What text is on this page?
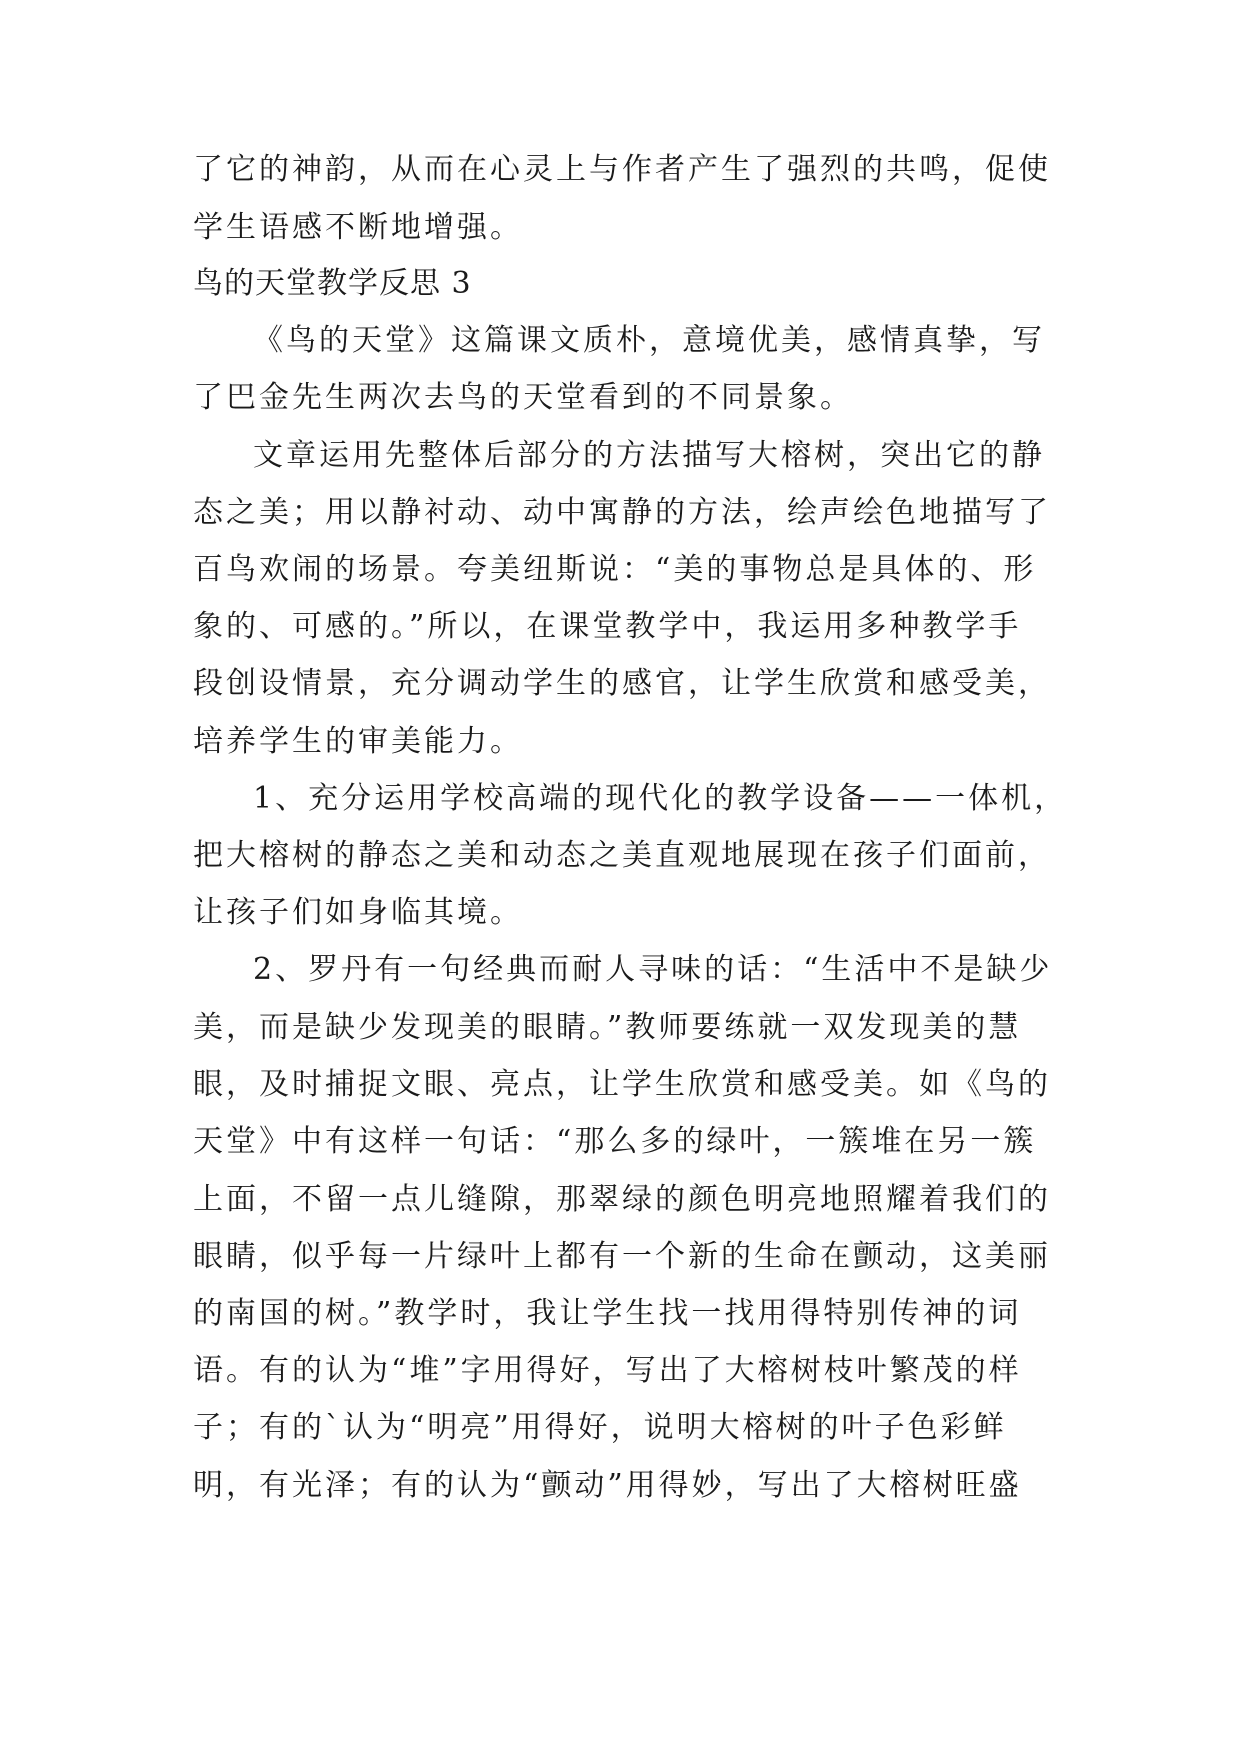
了它的神韵，从而在心灵上与作者产生了强烈的共鸣，促使
学生语感不断地增强。
鸟的天堂教学反思 3
《鸟的天堂》这篇课文质朴，意境优美，感情真挚，写
了巴金先生两次去鸟的天堂看到的不同景象。
文章运用先整体后部分的方法描写大榕树，突出它的静
态之美；用以静衬动、动中寓静的方法，绘声绘色地描写了
百鸟欢闹的场景。夸美纽斯说：“美的事物总是具体的、形
象的、可感的。”所以，在课堂教学中，我运用多种教学手
段创设情景，充分调动学生的感官，让学生欣赏和感受美，
培养学生的审美能力。
1、充分运用学校高端的现代化的教学设备——一体机，
把大榕树的静态之美和动态之美直观地展现在孩子们面前，
让孩子们如身临其境。
2、罗丹有一句经典而耐人寻味的话：“生活中不是缺少
美，而是缺少发现美的眼睛。”教师要练就一双发现美的慧
眼，及时捕捉文眼、亮点，让学生欣赏和感受美。如《鸟的
天堂》中有这样一句话：“那么多的绿叶，一簇堆在另一簇
上面，不留一点儿缝隙，那翠绿的颜色明亮地照耀着我们的
眼睛，似乎每一片绿叶上都有一个新的生命在颤动，这美丽
的南国的树。”教学时，我让学生找一找用得特别传神的词
语。有的认为“堆”字用得好，写出了大榕树枝叶繁茂的样
子；有的`认为“明亮”用得好，说明大榕树的叶子色彩鲜
明，有光泽；有的认为“颤动”用得妙，写出了大榕树旺盛
